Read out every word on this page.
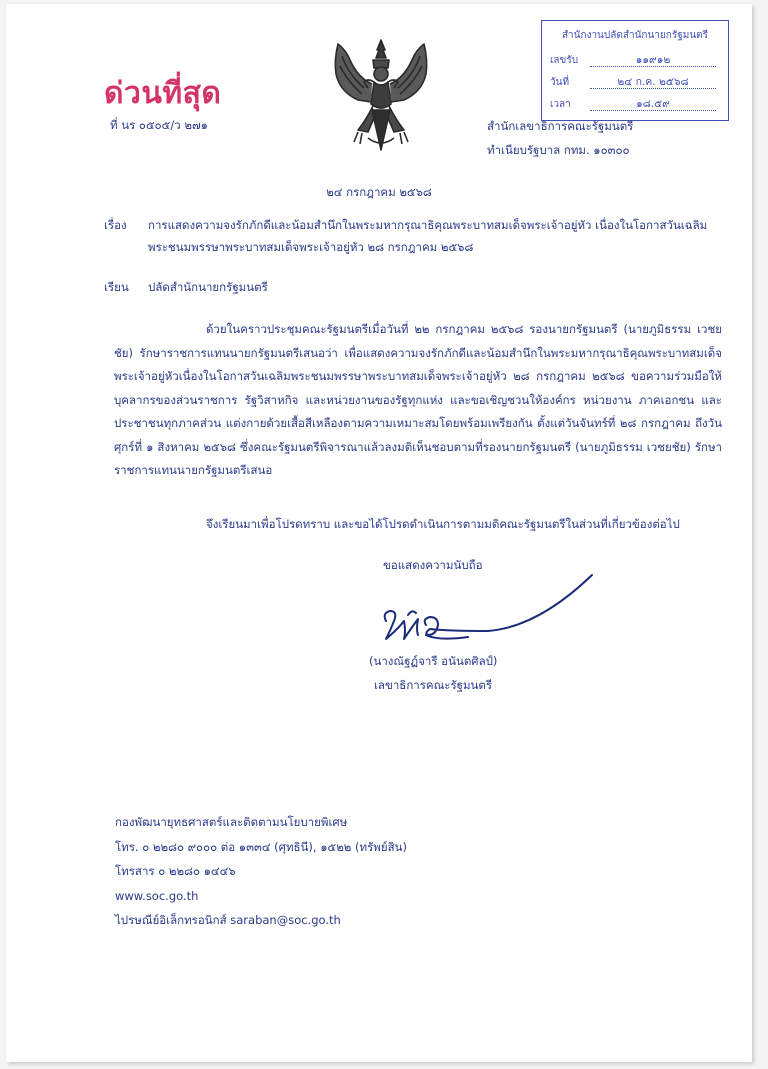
ด่วนที่สุด
ที่ นร ๐๕๐๕/ว ๒๗๑	สำนักเลขาธิการคณะรัฐมนตรี
ทำเนียบรัฐบาล กทม. ๑๐๓๐๐
สำนักงานปลัดสำนักนายกรัฐมนตรี
เลขรับ	๑๑๙๑๒
วันที่	๒๔ ก.ค. ๒๕๖๘
เวลา	๑๘.๕๙
๒๔ กรกฎาคม ๒๕๖๘
เรื่อง การแสดงความจงรักภักดีและน้อมสำนึกในพระมหากรุณาธิคุณพระบาทสมเด็จพระเจ้าอยู่หัว เนื่องในโอกาสวันเฉลิมพระชนมพรรษาพระบาทสมเด็จพระเจ้าอยู่หัว ๒๘ กรกฎาคม ๒๕๖๘
เรียน ปลัดสำนักนายกรัฐมนตรี
ด้วยในคราวประชุมคณะรัฐมนตรีเมื่อวันที่ ๒๒ กรกฎาคม ๒๕๖๘ รองนายกรัฐมนตรี (นายภูมิธรรม เวชยชัย) รักษาราชการแทนนายกรัฐมนตรีเสนอว่า เพื่อแสดงความจงรักภักดีและน้อมสำนึกในพระมหากรุณาธิคุณพระบาทสมเด็จพระเจ้าอยู่หัวเนื่องในโอกาสวันเฉลิมพระชนมพรรษาพระบาทสมเด็จพระเจ้าอยู่หัว ๒๘ กรกฎาคม ๒๕๖๘ ขอความร่วมมือให้บุคลากรของส่วนราชการ รัฐวิสาหกิจ และหน่วยงานของรัฐทุกแห่ง และขอเชิญชวนให้องค์กร หน่วยงาน ภาคเอกชน และประชาชนทุกภาคส่วน แต่งกายด้วยเสื้อสีเหลืองตามความเหมาะสมโดยพร้อมเพรียงกัน ตั้งแต่วันจันทร์ที่ ๒๘ กรกฎาคม ถึงวันศุกร์ที่ ๑ สิงหาคม ๒๕๖๘ ซึ่งคณะรัฐมนตรีพิจารณาแล้วลงมติเห็นชอบตามที่รองนายกรัฐมนตรี (นายภูมิธรรม เวชยชัย) รักษาราชการแทนนายกรัฐมนตรีเสนอ
จึงเรียนมาเพื่อโปรดทราบ และขอได้โปรดดำเนินการตามมติคณะรัฐมนตรีในส่วนที่เกี่ยวข้องต่อไป
ขอแสดงความนับถือ
(นางณัฐฏ์จารี อนันตศิลป์)
เลขาธิการคณะรัฐมนตรี
กองพัฒนายุทธศาสตร์และติดตามนโยบายพิเศษ
โทร. ๐ ๒๒๘๐ ๙๐๐๐ ต่อ ๑๓๓๔ (ศุทธินี), ๑๕๒๒ (ทรัพย์สิน)
โทรสาร ๐ ๒๒๘๐ ๑๔๔๖
www.soc.go.th
ไปรษณีย์อิเล็กทรอนิกส์ saraban@soc.go.th
